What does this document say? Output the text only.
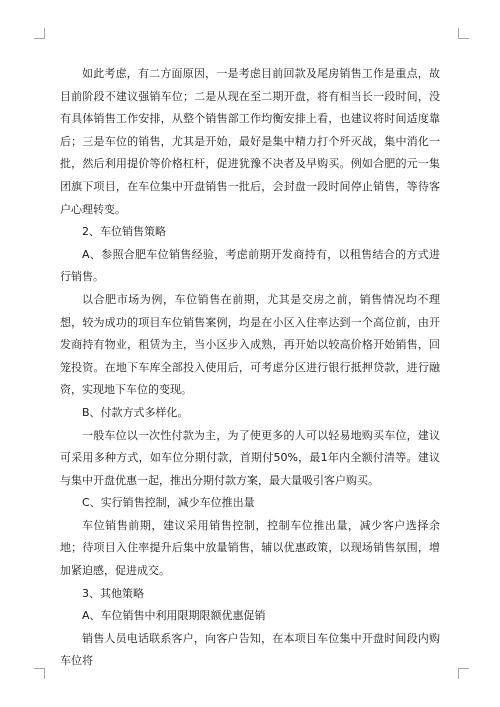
如此考虑，有二方面原因，一是考虑目前回款及尾房销售工作是重点，故目前阶段不建议强销车位；二是从现在至二期开盘，将有相当长一段时间，没有具体销售工作安排，从整个销售部工作均衡安排上看，也建议将时间适度靠后；三是车位的销售，尤其是开始，最好是集中精力打个歼灭战，集中消化一批，然后利用提价等价格杠杆，促进犹豫不决者及早购买。例如合肥的元一集团旗下项目，在车位集中开盘销售一批后，会封盘一段时间停止销售，等待客户心理转变。

2、车位销售策略

A、参照合肥车位销售经验，考虑前期开发商持有，以租售结合的方式进行销售。

以合肥市场为例，车位销售在前期，尤其是交房之前，销售情况均不理想，较为成功的项目车位销售案例，均是在小区入住率达到一个高位前，由开发商持有物业，租赁为主，当小区步入成熟，再开始以较高价格开始销售，回笼投资。在地下车库全部投入使用后，可考虑分区进行银行抵押贷款，进行融资，实现地下车位的变现。

B、付款方式多样化。

一般车位以一次性付款为主，为了使更多的人可以轻易地购买车位，建议可采用多种方式，如车位分期付款，首期付50%，最1年内全额付清等。建议与集中开盘优惠一起，推出分期付款方案，最大量吸引客户购买。

C、实行销售控制，减少车位推出量

车位销售前期，建议采用销售控制，控制车位推出量，减少客户选择余地；待项目入住率提升后集中放量销售，辅以优惠政策，以现场销售氛围，增加紧迫感，促进成交。

3、其他策略

A、车位销售中利用限期限额优惠促销

销售人员电话联系客户，向客户告知，在本项目车位集中开盘时间段内购车位将
